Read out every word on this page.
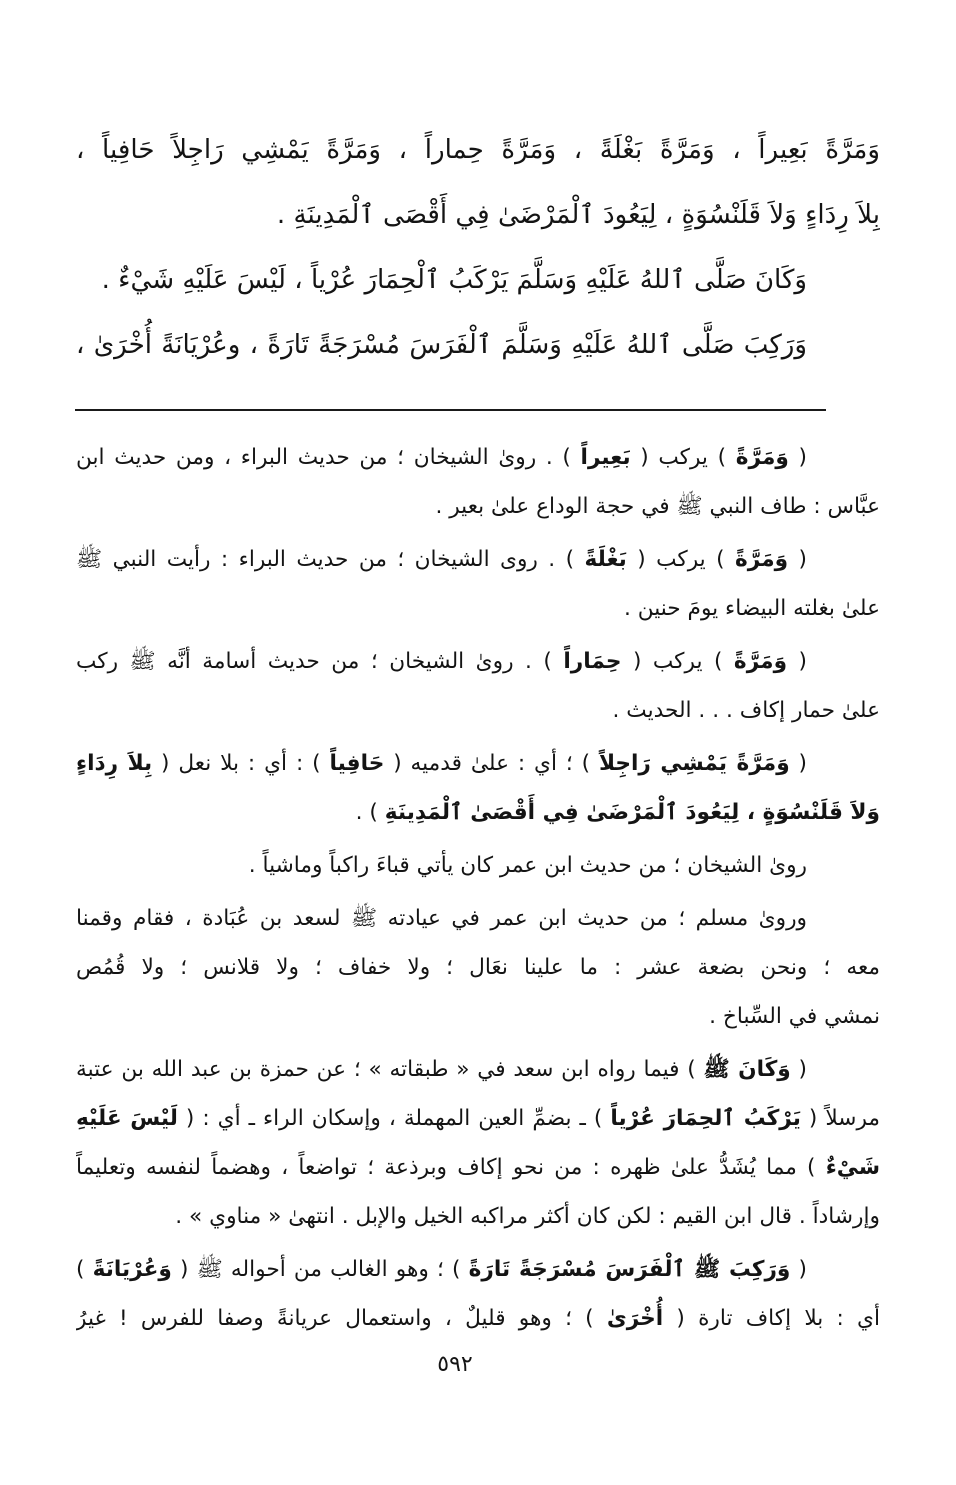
وَمَرَّةً بَعِيراً ، وَمَرَّةً بَغْلَةً ، وَمَرَّةً حِماراً ، وَمَرَّةً يَمْشِي رَاجِلاً حَافِياً ،
بِلاَ رِدَاءٍ وَلاَ قَلَنْسُوَةٍ ، لِيَعُودَ ٱلْمَرْضَىٰ فِي أَقْصَى ٱلْمَدِينَةِ .
وَكَانَ صَلَّى ٱللهُ عَلَيْهِ وَسَلَّمَ يَرْكَبُ ٱلْحِمَارَ عُرْياً ، لَيْسَ عَلَيْهِ شَيْءٌ .
وَرَكِبَ صَلَّى ٱللهُ عَلَيْهِ وَسَلَّمَ ٱلْفَرَسَ مُسْرَجَةً تَارَةً ، وعُرْيَانَةً أُخْرَىٰ ،
( وَمَرَّةً ) يركب ( بَعِيراً ) . روىٰ الشيخان ؛ من حديث البراء ، ومن حديث ابن
عبَّاس : طاف النبي ﷺ في حجة الوداع علىٰ بعير .
( وَمَرَّةً ) يركب ( بَغْلَةً ) . روى الشيخان ؛ من حديث البراء : رأيت النبي ﷺ
علىٰ بغلته البيضاء يومَ حنين .
( وَمَرَّةً ) يركب ( حِمَاراً ) . روىٰ الشيخان ؛ من حديث أسامة أنَّه ﷺ ركب
علىٰ حمار إكاف . . . الحديث .
( وَمَرَّةً يَمْشِي رَاجِلاً ) ؛ أي : علىٰ قدميه ( حَافِياً ) : أي : بلا نعل ( بِلاَ رِدَاءٍ
وَلاَ قَلَنْسُوَةٍ ، لِيَعُودَ ٱلْمَرْضَىٰ فِي أَقْصَىٰ ٱلْمَدِينَةِ ) .
روىٰ الشيخان ؛ من حديث ابن عمر كان يأتي قباءَ راكباً وماشياً .
وروىٰ مسلم ؛ من حديث ابن عمر في عيادته ﷺ لسعد بن عُبَادة ، فقام وقمنا
معه ؛ ونحن بضعة عشر : ما علينا نعَال ؛ ولا خفاف ؛ ولا قلانس ؛ ولا قُمُص
نمشي في السِّباخ .
( وَكَانَ ﷺ ) فيما رواه ابن سعد في « طبقاته » ؛ عن حمزة بن عبد الله بن عتبة
مرسلاً ( يَرْكَبُ ٱلحِمَارَ عُرْياً ) ـ بضمِّ العين المهملة ، وإسكان الراء ـ أي : ( لَيْسَ عَلَيْهِ
شَيْءٌ ) مما يُشَدُّ علىٰ ظهره : من نحو إكاف وبرذعة ؛ تواضعاً ، وهضماً لنفسه وتعليماً
وإرشاداً . قال ابن القيم : لكن كان أكثر مراكبه الخيل والإبل . انتهىٰ « مناوي » .
( وَرَكِبَ ﷺ ٱلْفَرَسَ مُسْرَجَةً تَارَةً ) ؛ وهو الغالب من أحواله ﷺ ( وَعُرْيَانَةً )
أي : بلا إكاف تارة ( أُخْرَىٰ ) ؛ وهو قليلٌ ، واستعمال عريانةً وصفا للفرس ! غيرُ
٥٩٢
